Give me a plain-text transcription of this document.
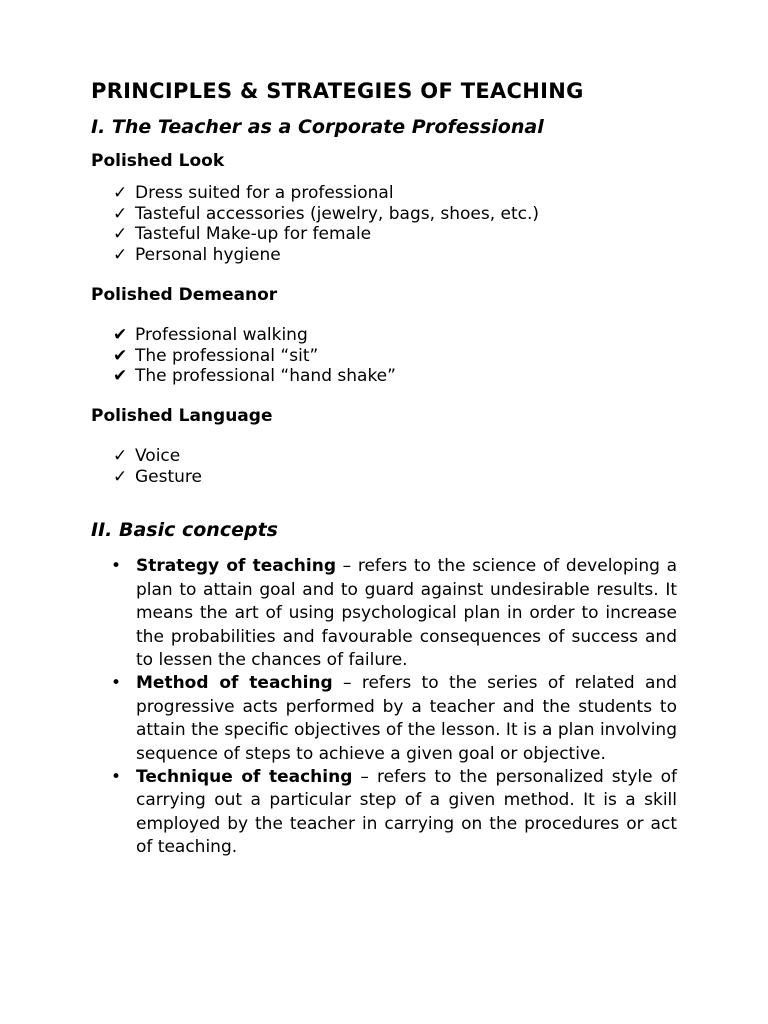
PRINCIPLES & STRATEGIES OF TEACHING
I. The Teacher as a Corporate Professional
Polished Look
✓ Dress suited for a professional
✓ Tasteful accessories (jewelry, bags, shoes, etc.)
✓ Tasteful Make-up for female
✓ Personal hygiene
Polished Demeanor
✔ Professional walking
✔ The professional “sit”
✔ The professional “hand shake”
Polished Language
✓ Voice
✓ Gesture
II. Basic concepts
• Strategy of teaching – refers to the science of developing a plan to attain goal and to guard against undesirable results. It means the art of using psychological plan in order to increase the probabilities and favourable consequences of success and to lessen the chances of failure.
• Method of teaching – refers to the series of related and progressive acts performed by a teacher and the students to attain the specific objectives of the lesson. It is a plan involving sequence of steps to achieve a given goal or objective.
• Technique of teaching – refers to the personalized style of carrying out a particular step of a given method. It is a skill employed by the teacher in carrying on the procedures or act of teaching.
